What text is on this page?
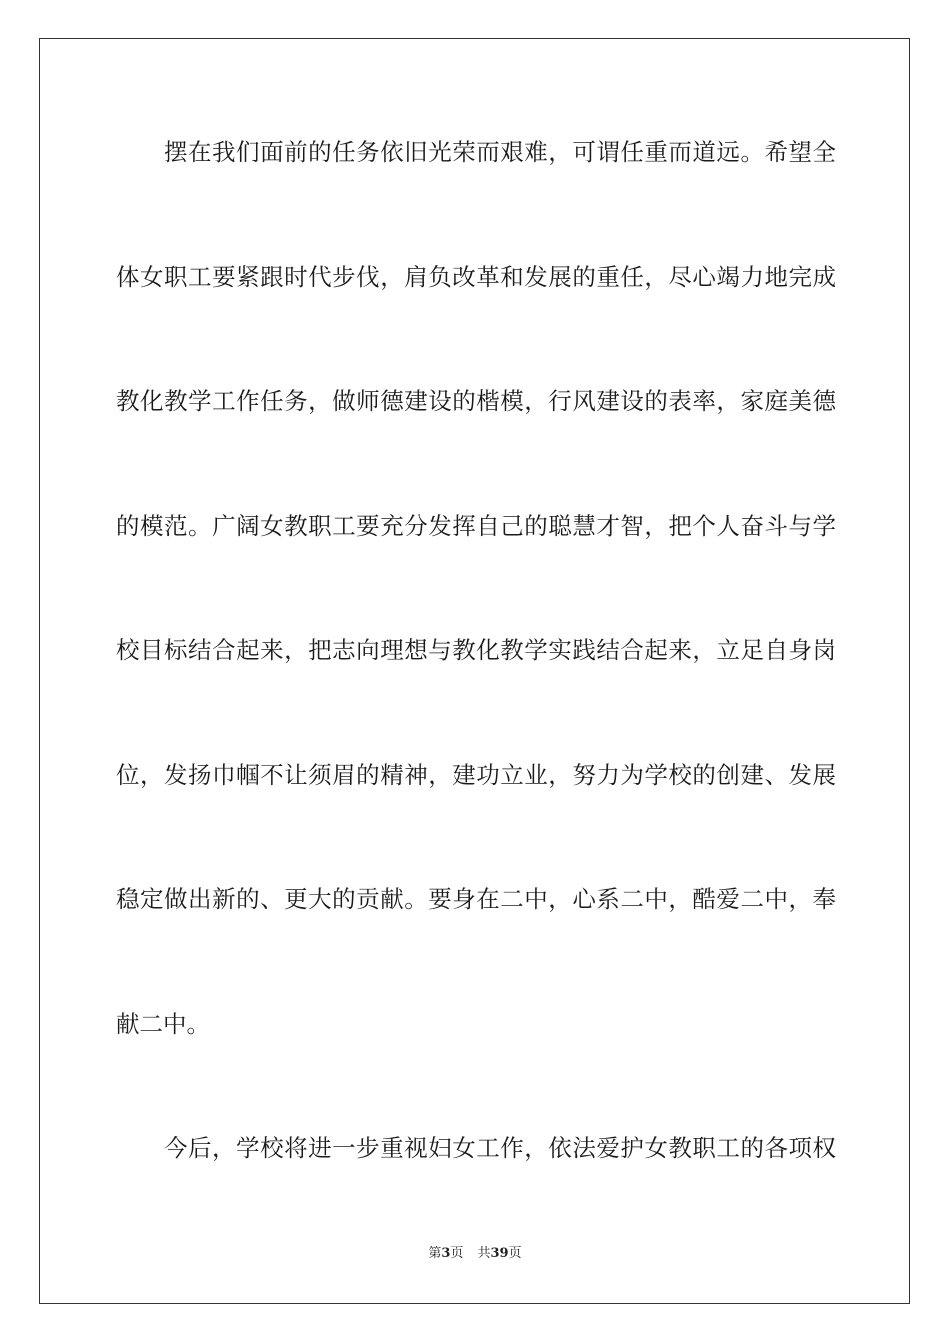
摆在我们面前的任务依旧光荣而艰难，可谓任重而道远。希望全
体女职工要紧跟时代步伐，肩负改革和发展的重任，尽心竭力地完成
教化教学工作任务，做师德建设的楷模，行风建设的表率，家庭美德
的模范。广阔女教职工要充分发挥自己的聪慧才智，把个人奋斗与学
校目标结合起来，把志向理想与教化教学实践结合起来，立足自身岗
位，发扬巾帼不让须眉的精神，建功立业，努力为学校的创建、发展
稳定做出新的、更大的贡献。要身在二中，心系二中，酷爱二中，奉
献二中。
今后，学校将进一步重视妇女工作，依法爱护女教职工的各项权
第3页 共39页
